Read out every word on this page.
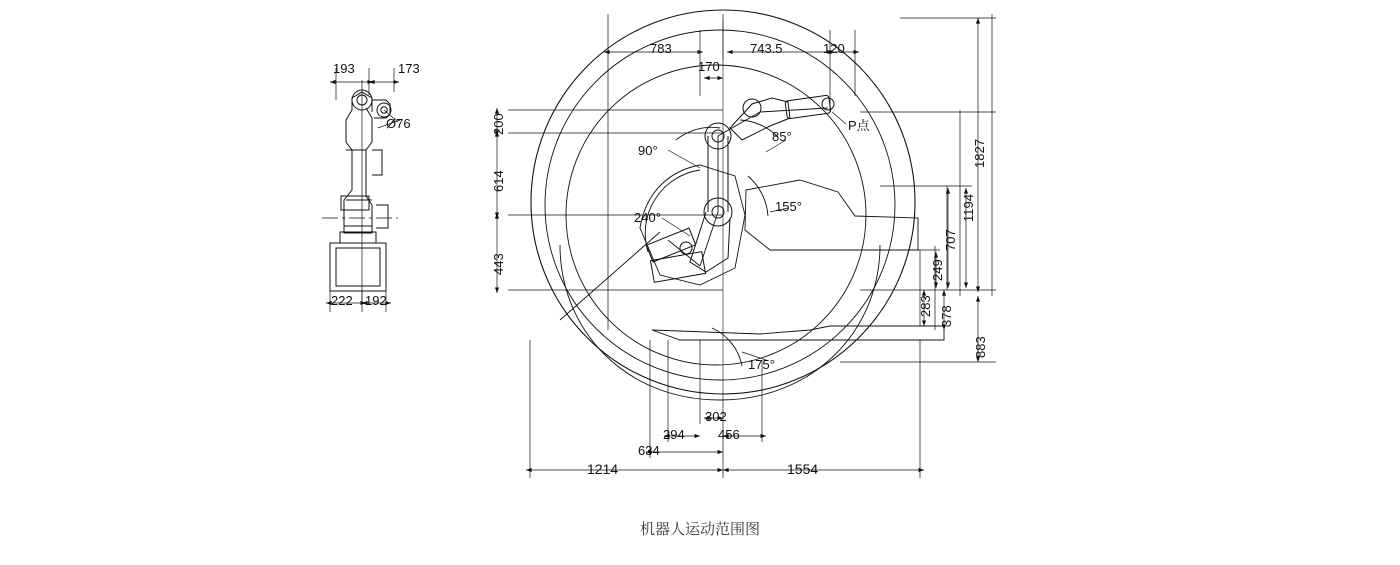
193	173
Ø76
222 192
783
170
743.5	120
200
614
443
1827
1194
707
249
283 378
883
302
294	456
634
1214	1554
90°
85°
240°
155°
175°
P点
机器人运动范围图
